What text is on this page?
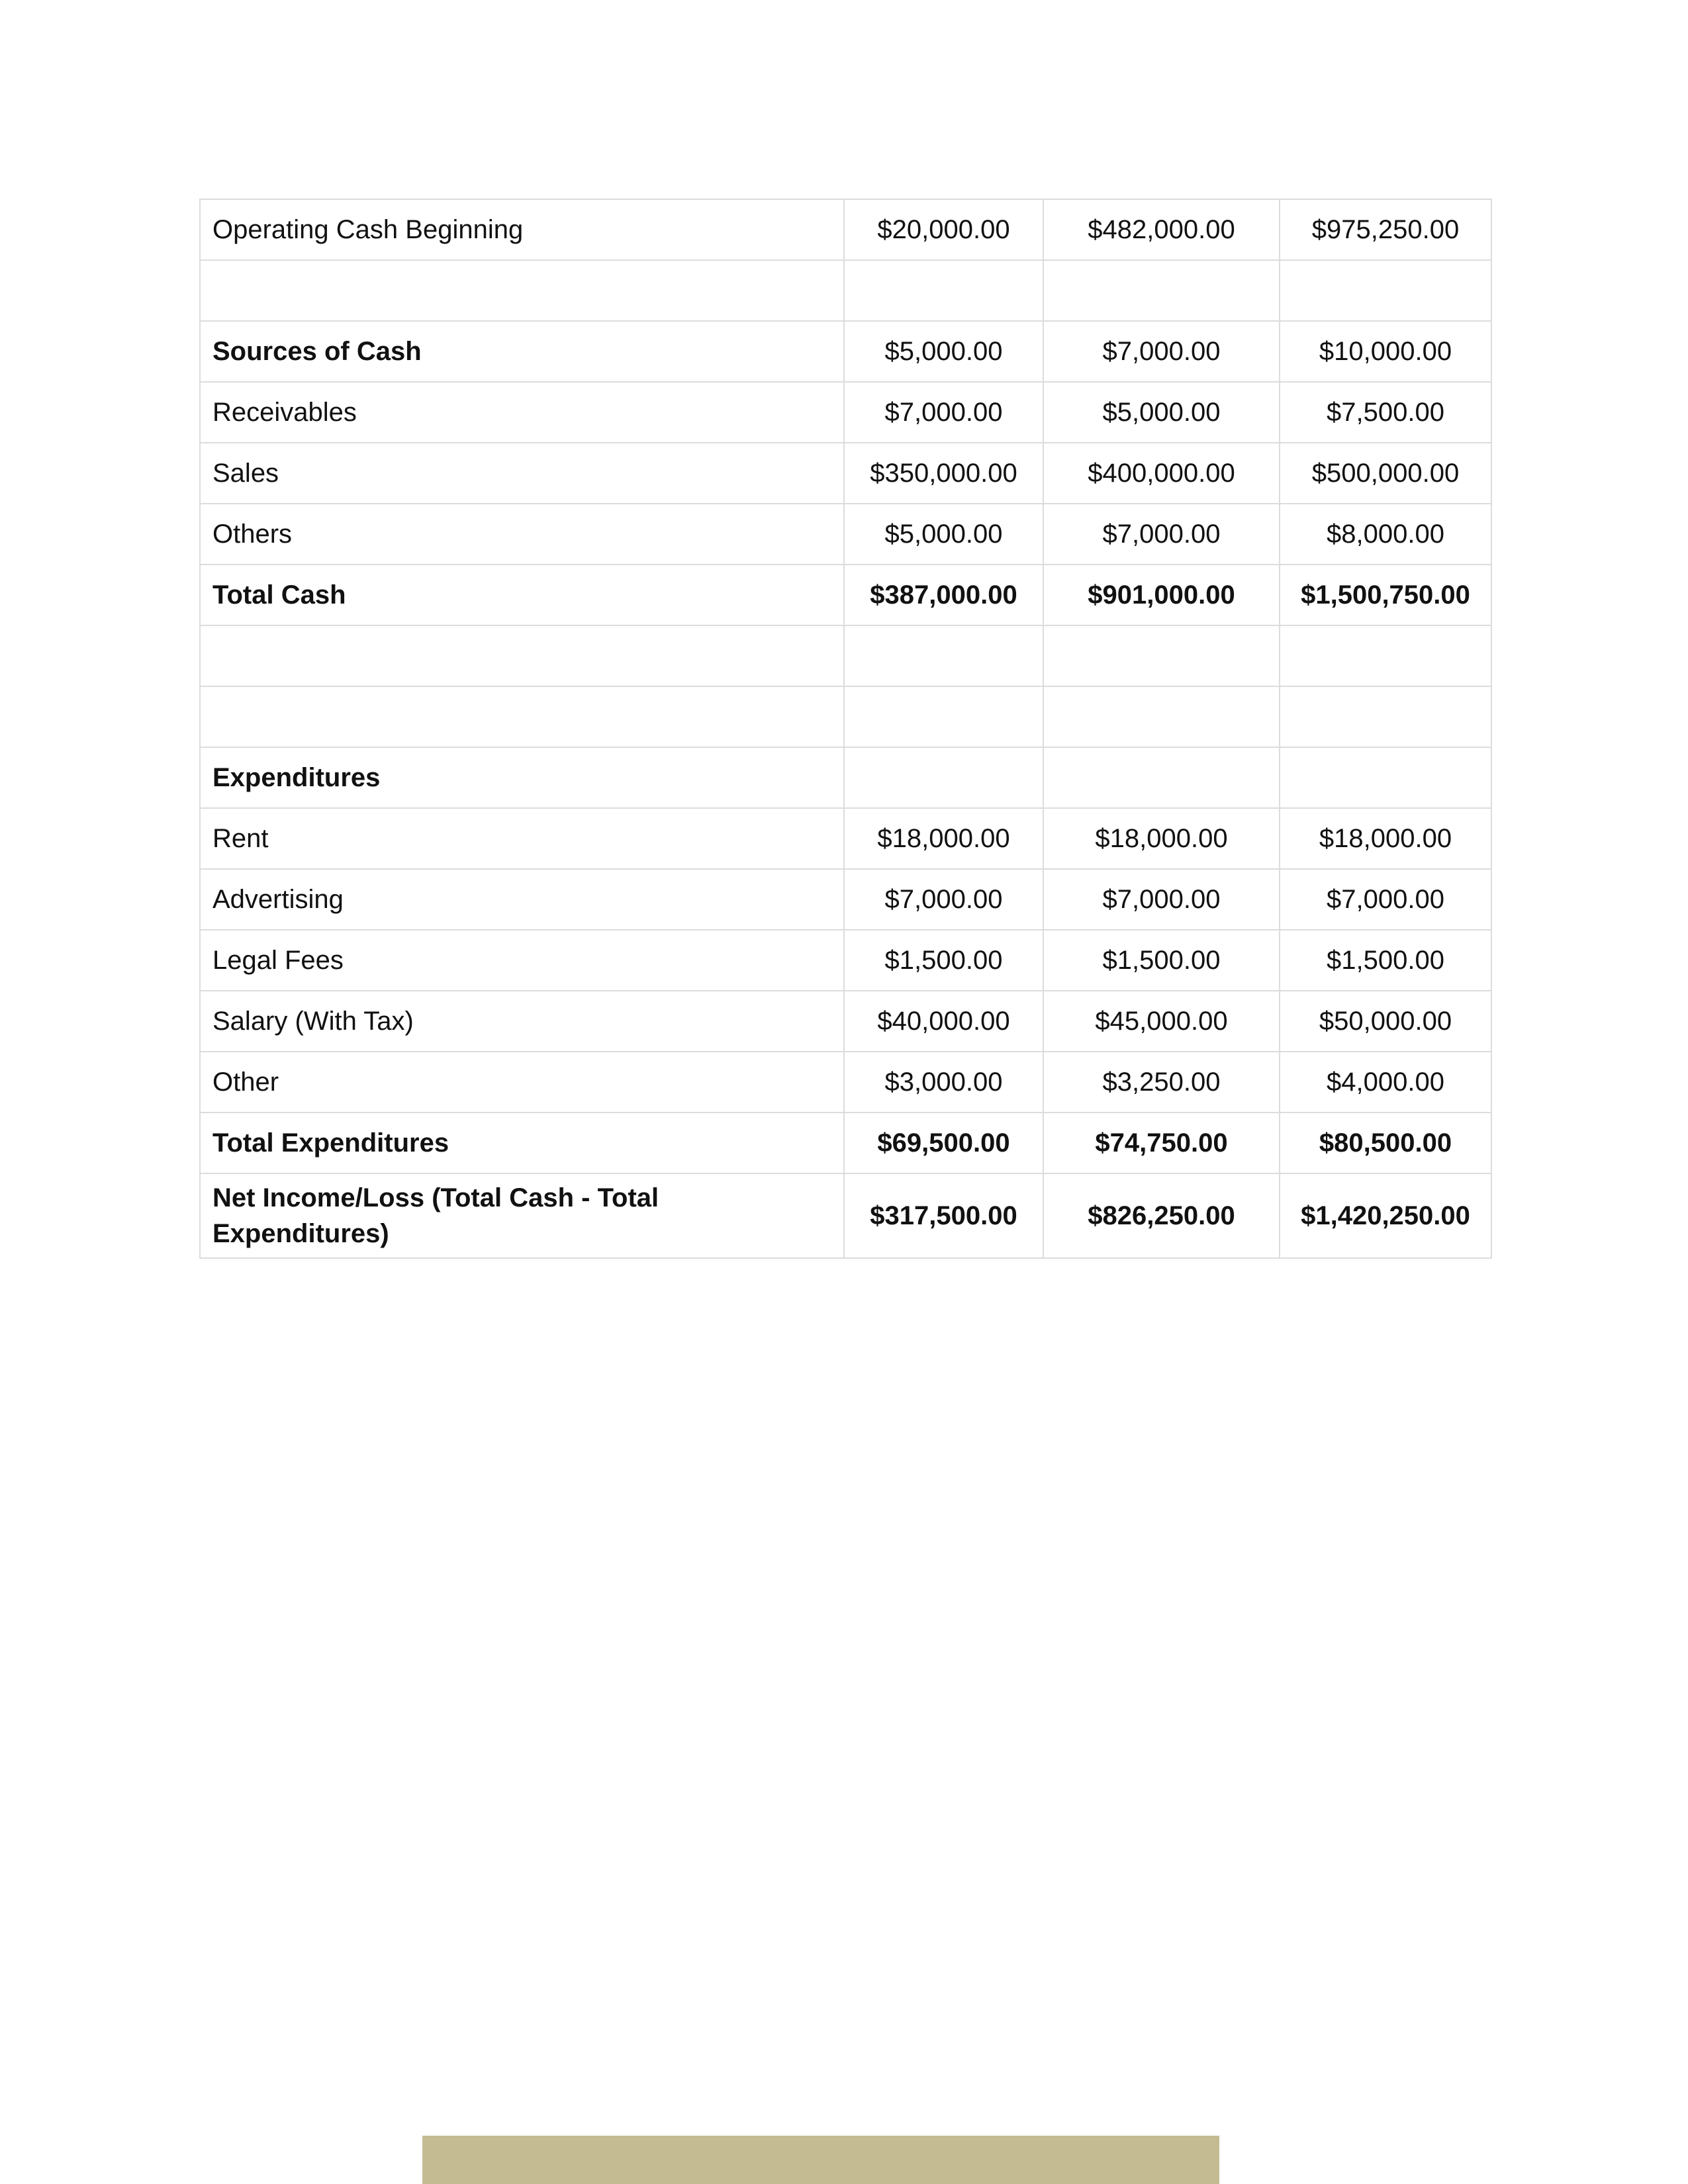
Operating Cash Beginning	$20,000.00	$482,000.00	$975,250.00

Sources of Cash	$5,000.00	$7,000.00	$10,000.00
Receivables	$7,000.00	$5,000.00	$7,500.00
Sales	$350,000.00	$400,000.00	$500,000.00
Others	$5,000.00	$7,000.00	$8,000.00
Total Cash	$387,000.00	$901,000.00	$1,500,750.00

Expenditures			
Rent	$18,000.00	$18,000.00	$18,000.00
Advertising	$7,000.00	$7,000.00	$7,000.00
Legal Fees	$1,500.00	$1,500.00	$1,500.00
Salary (With Tax)	$40,000.00	$45,000.00	$50,000.00
Other	$3,000.00	$3,250.00	$4,000.00
Total Expenditures	$69,500.00	$74,750.00	$80,500.00
Net Income/Loss (Total Cash - Total Expenditures)	$317,500.00	$826,250.00	$1,420,250.00
